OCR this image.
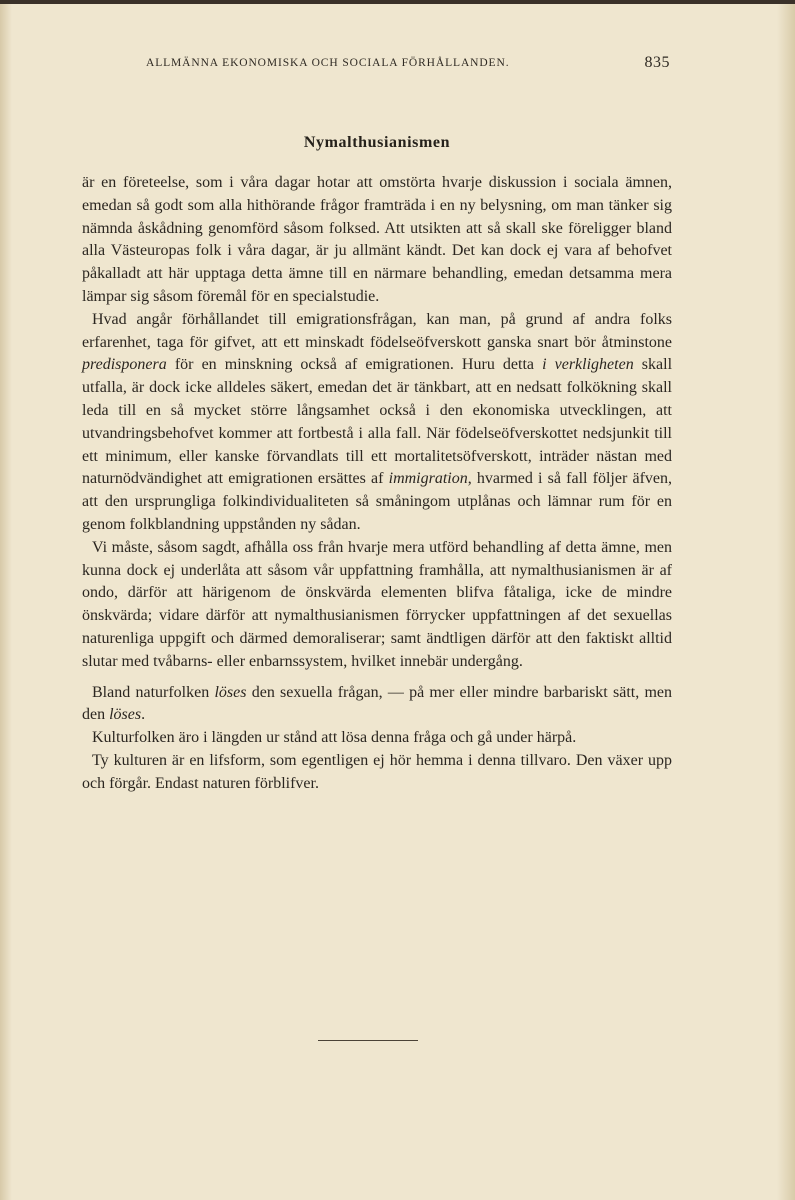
ALLMÄNNA EKONOMISKA OCH SOCIALA FÖRHÅLLANDEN.	835
Nymalthusianismen

är en företeelse, som i våra dagar hotar att omstörta hvarje diskussion i sociala ämnen, emedan så godt som alla hithörande frågor framträda i en ny belysning, om man tänker sig nämnda åskådning genomförd såsom folksed. Att utsikten att så skall ske föreligger bland alla Västeuropas folk i våra dagar, är ju allmänt kändt. Det kan dock ej vara af behofvet påkalladt att här upptaga detta ämne till en närmare behandling, emedan detsamma mera lämpar sig såsom föremål för en specialstudie.

Hvad angår förhållandet till emigrationsfrågan, kan man, på grund af andra folks erfarenhet, taga för gifvet, att ett minskadt födelseöfverskott ganska snart bör åtminstone predisponera för en minskning också af emigrationen. Huru detta i verkligheten skall utfalla, är dock icke alldeles säkert, emedan det är tänkbart, att en nedsatt folkökning skall leda till en så mycket större långsamhet också i den ekonomiska utvecklingen, att utvandringsbehofvet kommer att fortbestå i alla fall. När födelseöfverskottet nedsjunkit till ett minimum, eller kanske förvandlats till ett mortalitetsöfverskott, inträder nästan med naturnödvändighet att emigrationen ersättes af immigration, hvarmed i så fall följer äfven, att den ursprungliga folkindividualiteten så småningom utplånas och lämnar rum för en genom folkblandning uppstånden ny sådan.

Vi måste, såsom sagdt, afhålla oss från hvarje mera utförd behandling af detta ämne, men kunna dock ej underlåta att såsom vår uppfattning framhålla, att nymalthusianismen är af ondo, därför att härigenom de önskvärda elementen blifva fåtaliga, icke de mindre önskvärda; vidare därför att nymalthusianismen förrycker uppfattningen af det sexuellas naturenliga uppgift och därmed demoraliserar; samt ändtligen därför att den faktiskt alltid slutar med tvåbarns- eller enbarnssystem, hvilket innebär undergång.

Bland naturfolken löses den sexuella frågan, — på mer eller mindre barbariskt sätt, men den löses.

Kulturfolken äro i längden ur stånd att lösa denna fråga och gå under härpå.

Ty kulturen är en lifsform, som egentligen ej hör hemma i denna tillvaro. Den växer upp och förgår. Endast naturen förblifver.
